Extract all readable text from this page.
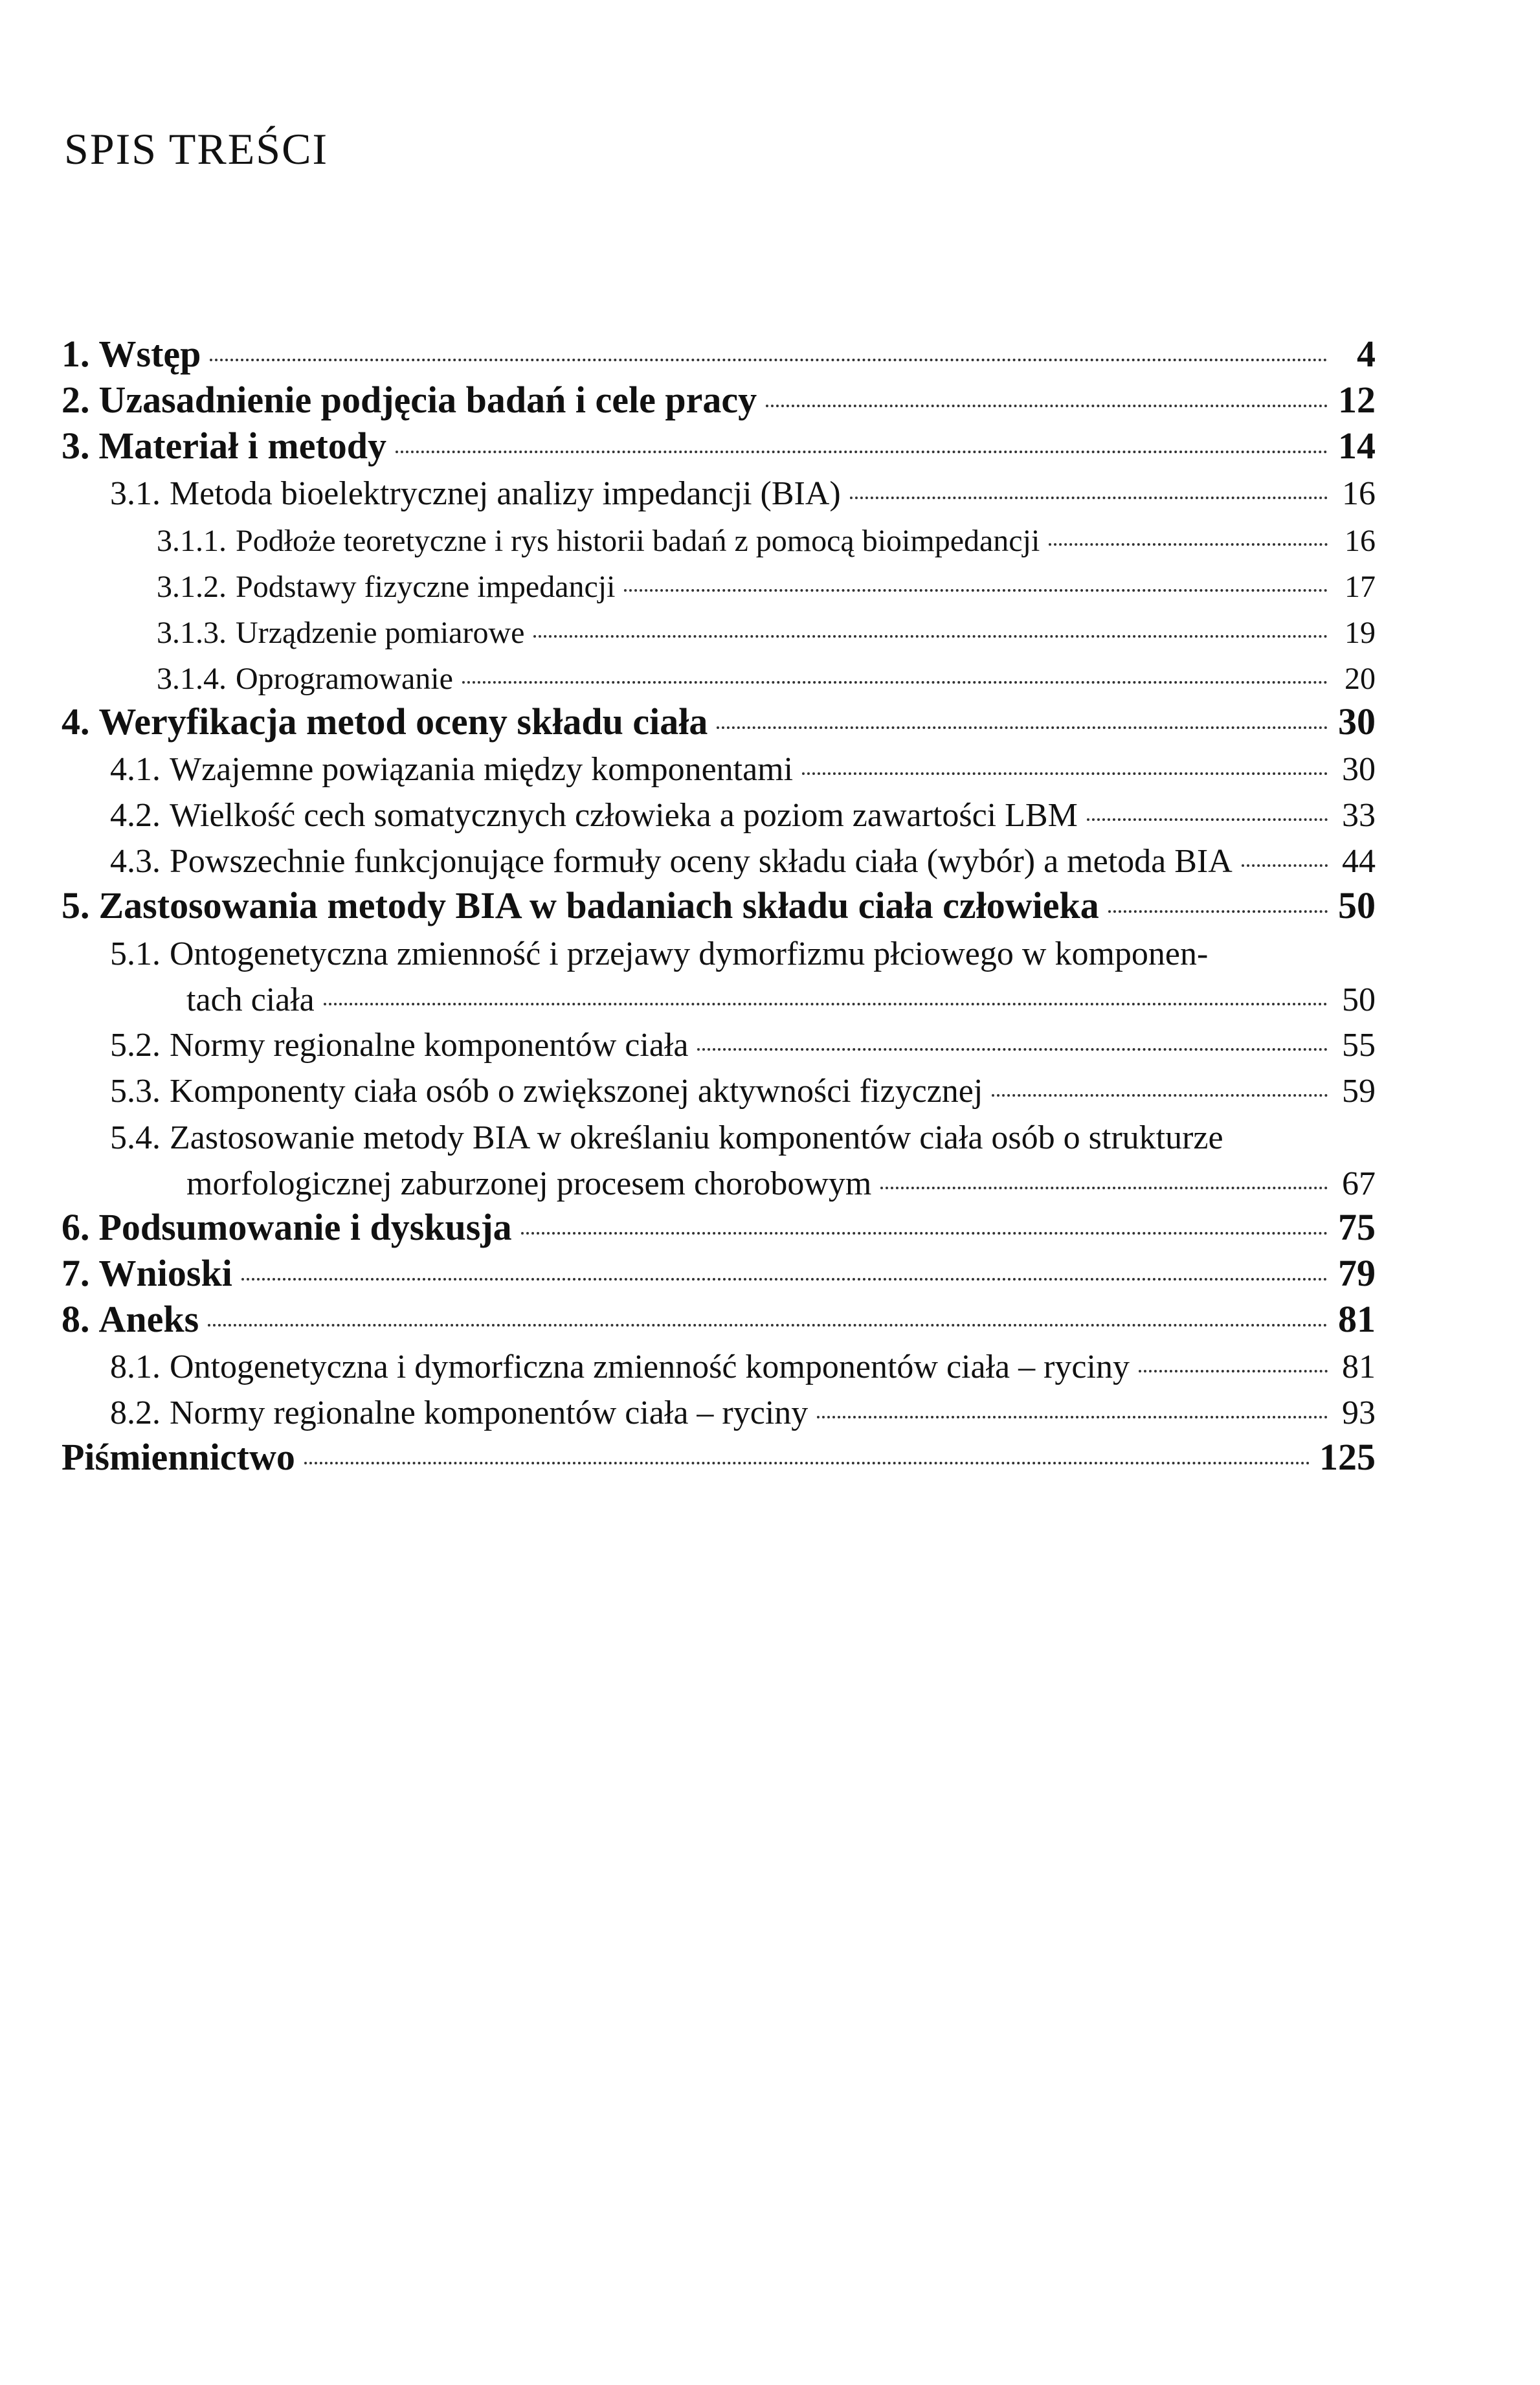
SPIS TREŚCI
1. Wstęp	4
2. Uzasadnienie podjęcia badań i cele pracy	12
3. Materiał i metody	14
3.1. Metoda bioelektrycznej analizy impedancji (BIA)	16
3.1.1. Podłoże teoretyczne i rys historii badań z pomocą bioimpedancji	16
3.1.2. Podstawy fizyczne impedancji	17
3.1.3. Urządzenie pomiarowe	19
3.1.4. Oprogramowanie	20
4. Weryfikacja metod oceny składu ciała	30
4.1. Wzajemne powiązania między komponentami	30
4.2. Wielkość cech somatycznych człowieka a poziom zawartości LBM	33
4.3. Powszechnie funkcjonujące formuły oceny składu ciała (wybór) a metoda BIA	44
5. Zastosowania metody BIA w badaniach składu ciała człowieka	50
5.1. Ontogenetyczna zmienność i przejawy dymorfizmu płciowego w komponen-
tach ciała	50
5.2. Normy regionalne komponentów ciała	55
5.3. Komponenty ciała osób o zwiększonej aktywności fizycznej	59
5.4. Zastosowanie metody BIA w określaniu komponentów ciała osób o strukturze
morfologicznej zaburzonej procesem chorobowym	67
6. Podsumowanie i dyskusja	75
7. Wnioski	79
8. Aneks	81
8.1. Ontogenetyczna i dymorficzna zmienność komponentów ciała – ryciny	81
8.2. Normy regionalne komponentów ciała – ryciny	93
Piśmiennictwo	125
